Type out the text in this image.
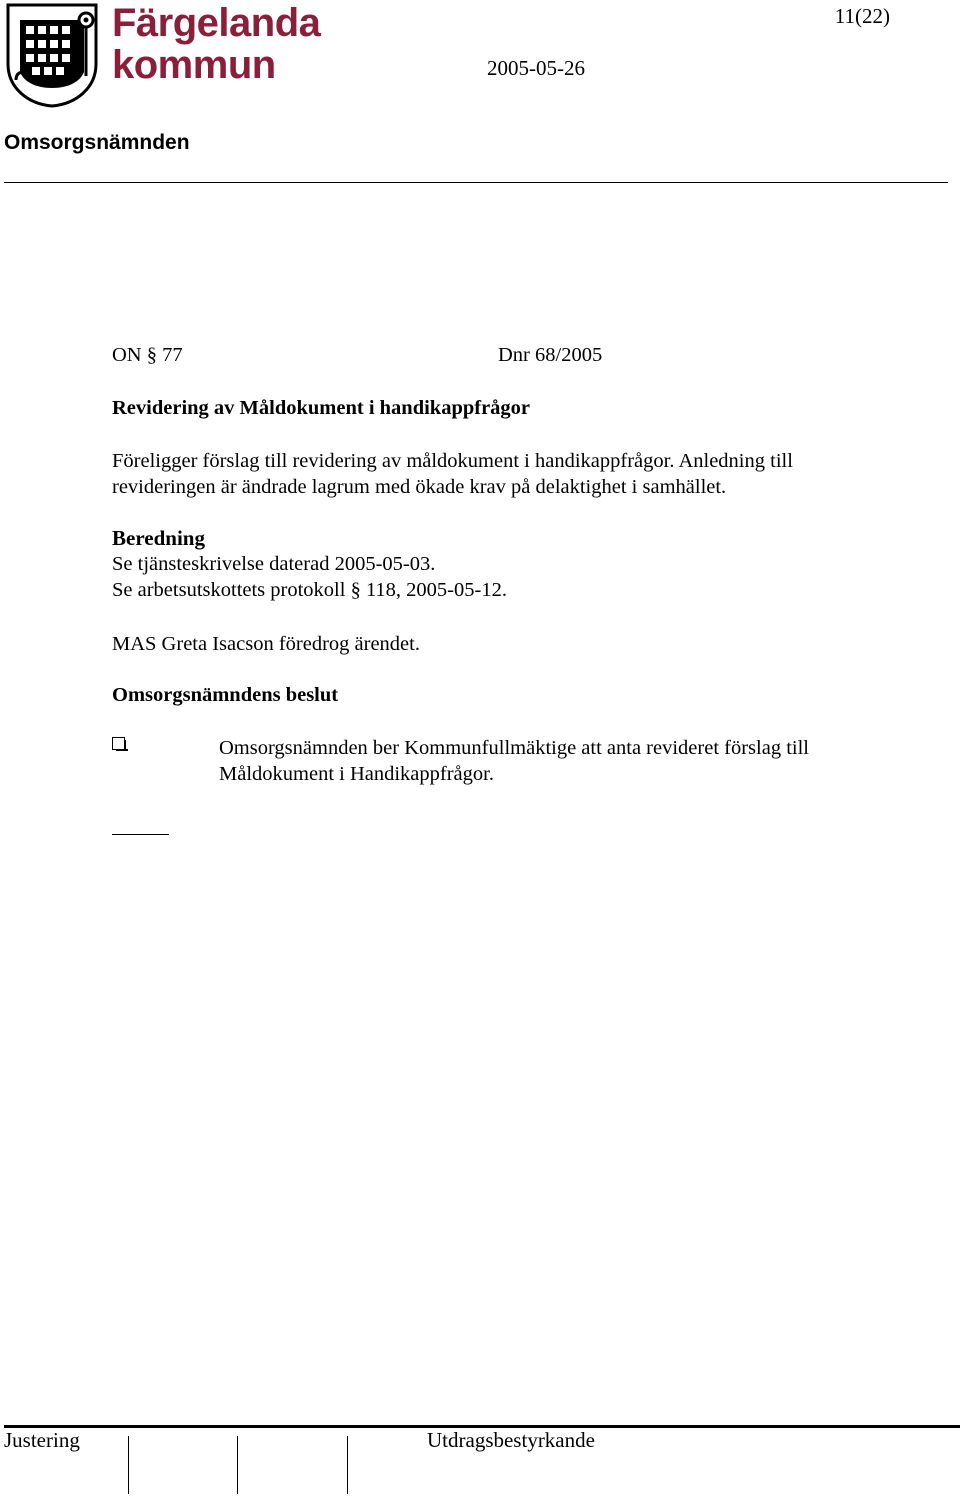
Färgelanda
kommun
11(22)
2005-05-26
Omsorgsnämnden
ON § 77	Dnr 68/2005
Revidering av Måldokument i handikappfrågor
Föreligger förslag till revidering av måldokument i handikappfrågor. Anledning till
revideringen är ändrade lagrum med ökade krav på delaktighet i samhället.
Beredning
Se tjänsteskrivelse daterad 2005-05-03.
Se arbetsutskottets protokoll § 118, 2005-05-12.
MAS Greta Isacson föredrog ärendet.
Omsorgsnämndens beslut
Omsorgsnämnden ber Kommunfullmäktige att anta revideret förslag till
Måldokument i Handikappfrågor.
Justering	Utdragsbestyrkande
